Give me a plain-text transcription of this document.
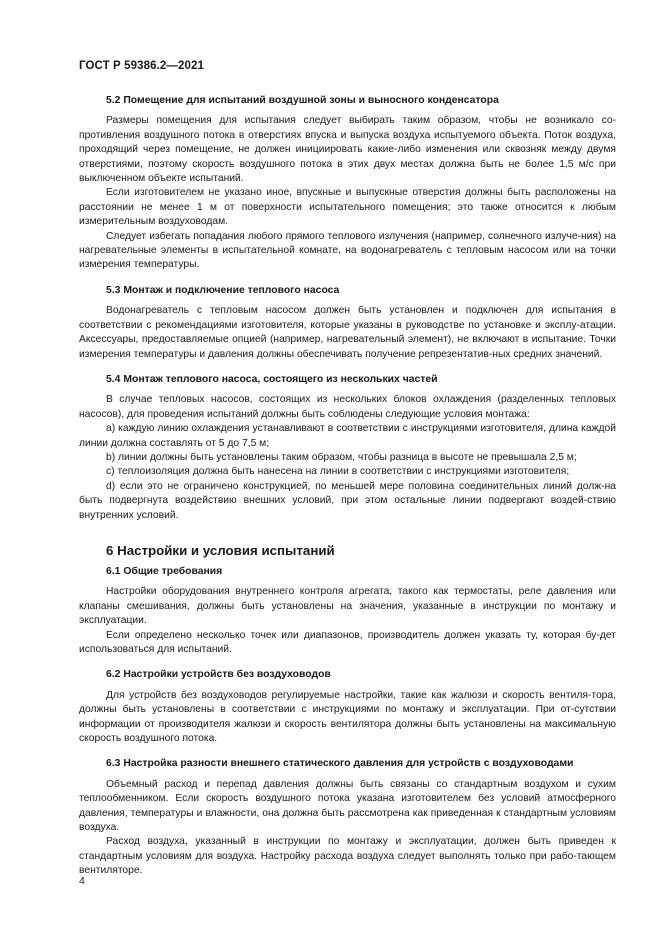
ГОСТ Р 59386.2—2021
5.2 Помещение для испытаний воздушной зоны и выносного конденсатора

Размеры помещения для испытания следует выбирать таким образом, чтобы не возникало со-противления воздушного потока в отверстиях впуска и выпуска воздуха испытуемого объекта. Поток воздуха, проходящий через помещение, не должен инициировать какие-либо изменения или сквозняк между двумя отверстиями, поэтому скорость воздушного потока в этих двух местах должна быть не более 1,5 м/с при выключенном объекте испытаний.

Если изготовителем не указано иное, впускные и выпускные отверстия должны быть расположены на расстоянии не менее 1 м от поверхности испытательного помещения; это также относится к любым измерительным воздуховодам.

Следует избегать попадания любого прямого теплового излучения (например, солнечного излуче-ния) на нагревательные элементы в испытательной комнате, на водонагреватель с тепловым насосом или на точки измерения температуры.

5.3 Монтаж и подключение теплового насоса

Водонагреватель с тепловым насосом должен быть установлен и подключен для испытания в соответствии с рекомендациями изготовителя, которые указаны в руководстве по установке и эксплу-атации. Аксессуары, предоставляемые опцией (например, нагревательный элемент), не включают в испытание. Точки измерения температуры и давления должны обеспечивать получение репрезентатив-ных средних значений.

5.4 Монтаж теплового насоса, состоящего из нескольких частей

В случае тепловых насосов, состоящих из нескольких блоков охлаждения (разделенных тепловых насосов), для проведения испытаний должны быть соблюдены следующие условия монтажа:

а) каждую линию охлаждения устанавливают в соответствии с инструкциями изготовителя, длина каждой линии должна составлять от 5 до 7,5 м;

b) линии должны быть установлены таким образом, чтобы разница в высоте не превышала 2,5 м;

c) теплоизоляция должна быть нанесена на линии в соответствии с инструкциями изготовителя;

d) если это не ограничено конструкцией, по меньшей мере половина соединительных линий долж-на быть подвергнута воздействию внешних условий, при этом остальные линии подвергают воздей-ствию внутренних условий.

6 Настройки и условия испытаний
6.1 Общие требования

Настройки оборудования внутреннего контроля агрегата, такого как термостаты, реле давления или клапаны смешивания, должны быть установлены на значения, указанные в инструкции по монтажу и эксплуатации.

Если определено несколько точек или диапазонов, производитель должен указать ту, которая бу-дет использоваться для испытаний.

6.2 Настройки устройств без воздуховодов

Для устройств без воздуховодов регулируемые настройки, такие как жалюзи и скорость вентиля-тора, должны быть установлены в соответствии с инструкциями по монтажу и эксплуатации. При от-сутствии информации от производителя жалюзи и скорость вентилятора должны быть установлены на максимальную скорость воздушного потока.

6.3 Настройка разности внешнего статического давления для устройств с воздуховодами

Объемный расход и перепад давления должны быть связаны со стандартным воздухом и сухим теплообменником. Если скорость воздушного потока указана изготовителем без условий атмосферного давления, температуры и влажности, она должна быть рассмотрена как приведенная к стандартным условиям воздуха.

Расход воздуха, указанный в инструкции по монтажу и эксплуатации, должен быть приведен к стандартным условиям для воздуха. Настройку расхода воздуха следует выполнять только при рабо-тающем вентиляторе.

4
